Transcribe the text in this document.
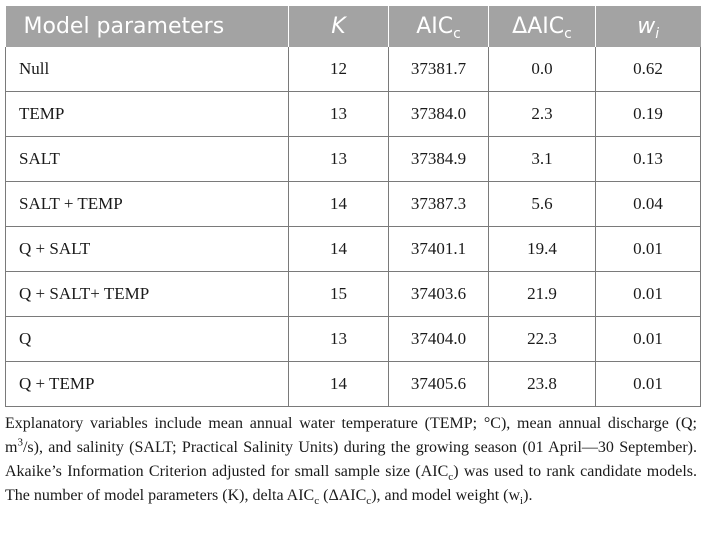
Model parameters	K	$AIC_c$	$\Delta AIC_c$	$w_i$
Null	12	37381.7	0.0	0.62
TEMP	13	37384.0	2.3	0.19
SALT	13	37384.9	3.1	0.13
SALT + TEMP	14	37387.3	5.6	0.04
Q + SALT	14	37401.1	19.4	0.01
Q + SALT+ TEMP	15	37403.6	21.9	0.01
Q	13	37404.0	22.3	0.01
Q + TEMP	14	37405.6	23.8	0.01

Explanatory variables include mean annual water temperature (TEMP; °C), mean annual discharge (Q; $m^3/s$), and salinity (SALT; Practical Salinity Units) during the growing season (01 April—30 September). Akaike’s Information Criterion adjusted for small sample size $(AIC_c)$ was used to rank candidate models. The number of model parameters (K), delta $AIC_c$ $(\Delta AIC_c)$, and model weight $(w_i)$.
